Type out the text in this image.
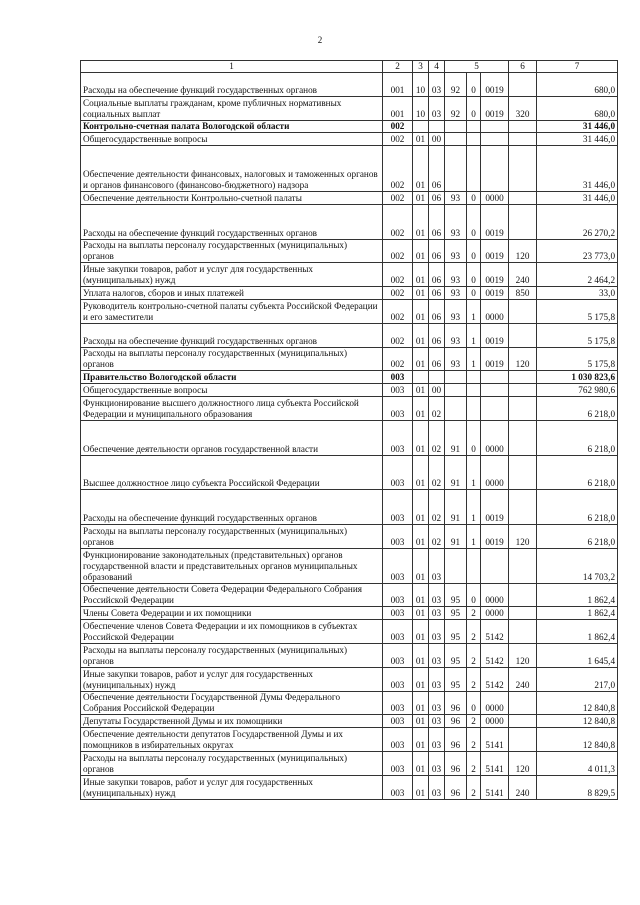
2
1	2	3	4	5			6	7
Расходы на обеспечение функций государственных органов	001	10	03	92	0	0019		680,0
Социальные выплаты гражданам, кроме публичных нормативных социальных выплат	001	10	03	92	0	0019	320	680,0
Контрольно-счетная палата Вологодской области	002							31 446,0
Общегосударственные вопросы	002	01	00					31 446,0
Обеспечение деятельности финансовых, налоговых и таможенных органов и органов финансового (финансово-бюджетного) надзора	002	01	06					31 446,0
Обеспечение деятельности Контрольно-счетной палаты	002	01	06	93	0	0000		31 446,0
Расходы на обеспечение функций государственных органов	002	01	06	93	0	0019		26 270,2
Расходы на выплаты персоналу государственных (муниципальных) органов	002	01	06	93	0	0019	120	23 773,0
Иные закупки товаров, работ и услуг для государственных (муниципальных) нужд	002	01	06	93	0	0019	240	2 464,2
Уплата налогов, сборов и иных платежей	002	01	06	93	0	0019	850	33,0
Руководитель контрольно-счетной палаты субъекта Российской Федерации и его заместители	002	01	06	93	1	0000		5 175,8
Расходы на обеспечение функций государственных органов	002	01	06	93	1	0019		5 175,8
Расходы на выплаты персоналу государственных (муниципальных) органов	002	01	06	93	1	0019	120	5 175,8
Правительство Вологодской области	003							1 030 823,6
Общегосударственные вопросы	003	01	00					762 980,6
Функционирование высшего должностного лица субъекта Российской Федерации и муниципального образования	003	01	02					6 218,0
Обеспечение деятельности органов государственной власти	003	01	02	91	0	0000		6 218,0
Высшее должностное лицо субъекта Российской Федерации	003	01	02	91	1	0000		6 218,0
Расходы на обеспечение функций государственных органов	003	01	02	91	1	0019		6 218,0
Расходы на выплаты персоналу государственных (муниципальных) органов	003	01	02	91	1	0019	120	6 218,0
Функционирование законодательных (представительных) органов государственной власти и представительных органов муниципальных образований	003	01	03					14 703,2
Обеспечение деятельности Совета Федерации Федерального Собрания Российской Федерации	003	01	03	95	0	0000		1 862,4
Члены Совета Федерации и их помощники	003	01	03	95	2	0000		1 862,4
Обеспечение членов Совета Федерации и их помощников в субъектах Российской Федерации	003	01	03	95	2	5142		1 862,4
Расходы на выплаты персоналу государственных (муниципальных) органов	003	01	03	95	2	5142	120	1 645,4
Иные закупки товаров, работ и услуг для государственных (муниципальных) нужд	003	01	03	95	2	5142	240	217,0
Обеспечение деятельности Государственной Думы Федерального Собрания Российской Федерации	003	01	03	96	0	0000		12 840,8
Депутаты Государственной Думы и их помощники	003	01	03	96	2	0000		12 840,8
Обеспечение деятельности депутатов Государственной Думы и их помощников в избирательных округах	003	01	03	96	2	5141		12 840,8
Расходы на выплаты персоналу государственных (муниципальных) органов	003	01	03	96	2	5141	120	4 011,3
Иные закупки товаров, работ и услуг для государственных (муниципальных) нужд	003	01	03	96	2	5141	240	8 829,5
